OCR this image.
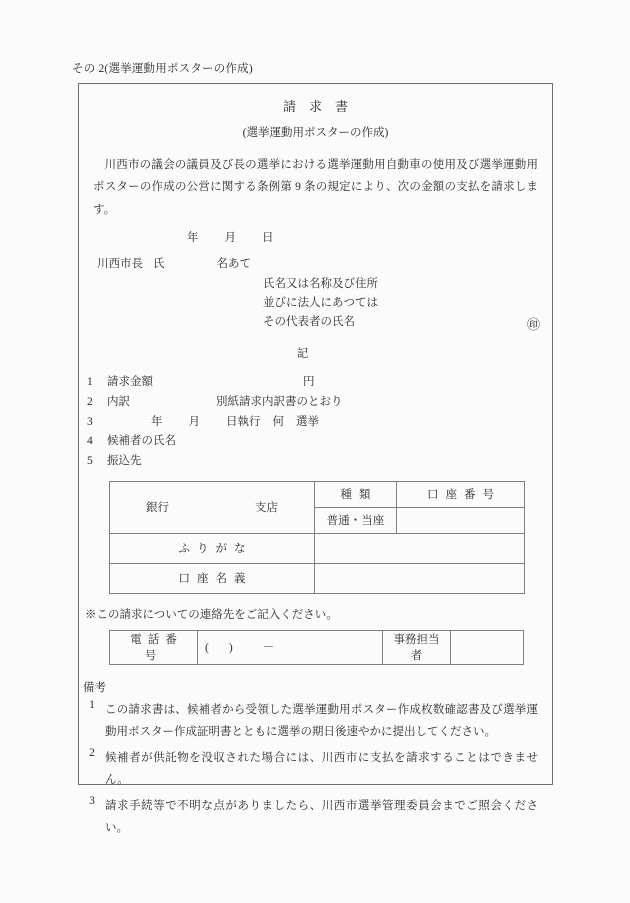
その 2(選挙運動用ポスターの作成)
請求書
(選挙運動用ポスターの作成)
川西市の議会の議員及び長の選挙における選挙運動用自動車の使用及び選挙運動用ポスターの作成の公営に関する条例第 9 条の規定により、次の金額の支払を請求します。
年 月 日
川西市長 氏	名あて
氏名又は名称及び住所
並びに法人にあつては
その代表者の氏名	㊞
記
1	請求金額	円
2	内訳	別紙請求内訳書のとおり
3	年 月 日執行 何 選挙
4	候補者の氏名
5	振込先
銀行 支店	種類	口座番号
	普通・当座	
ふりがな		
口座名義		
※この請求についての連絡先をご記入ください。
電話番号	( )	－	事務担当者	
備考
1 この請求書は、候補者から受領した選挙運動用ポスター作成枚数確認書及び選挙運動用ポスター作成証明書とともに選挙の期日後速やかに提出してください。
2 候補者が供託物を没収された場合には、川西市に支払を請求することはできません。
3 請求手続等で不明な点がありましたら、川西市選挙管理委員会までご照会ください。
